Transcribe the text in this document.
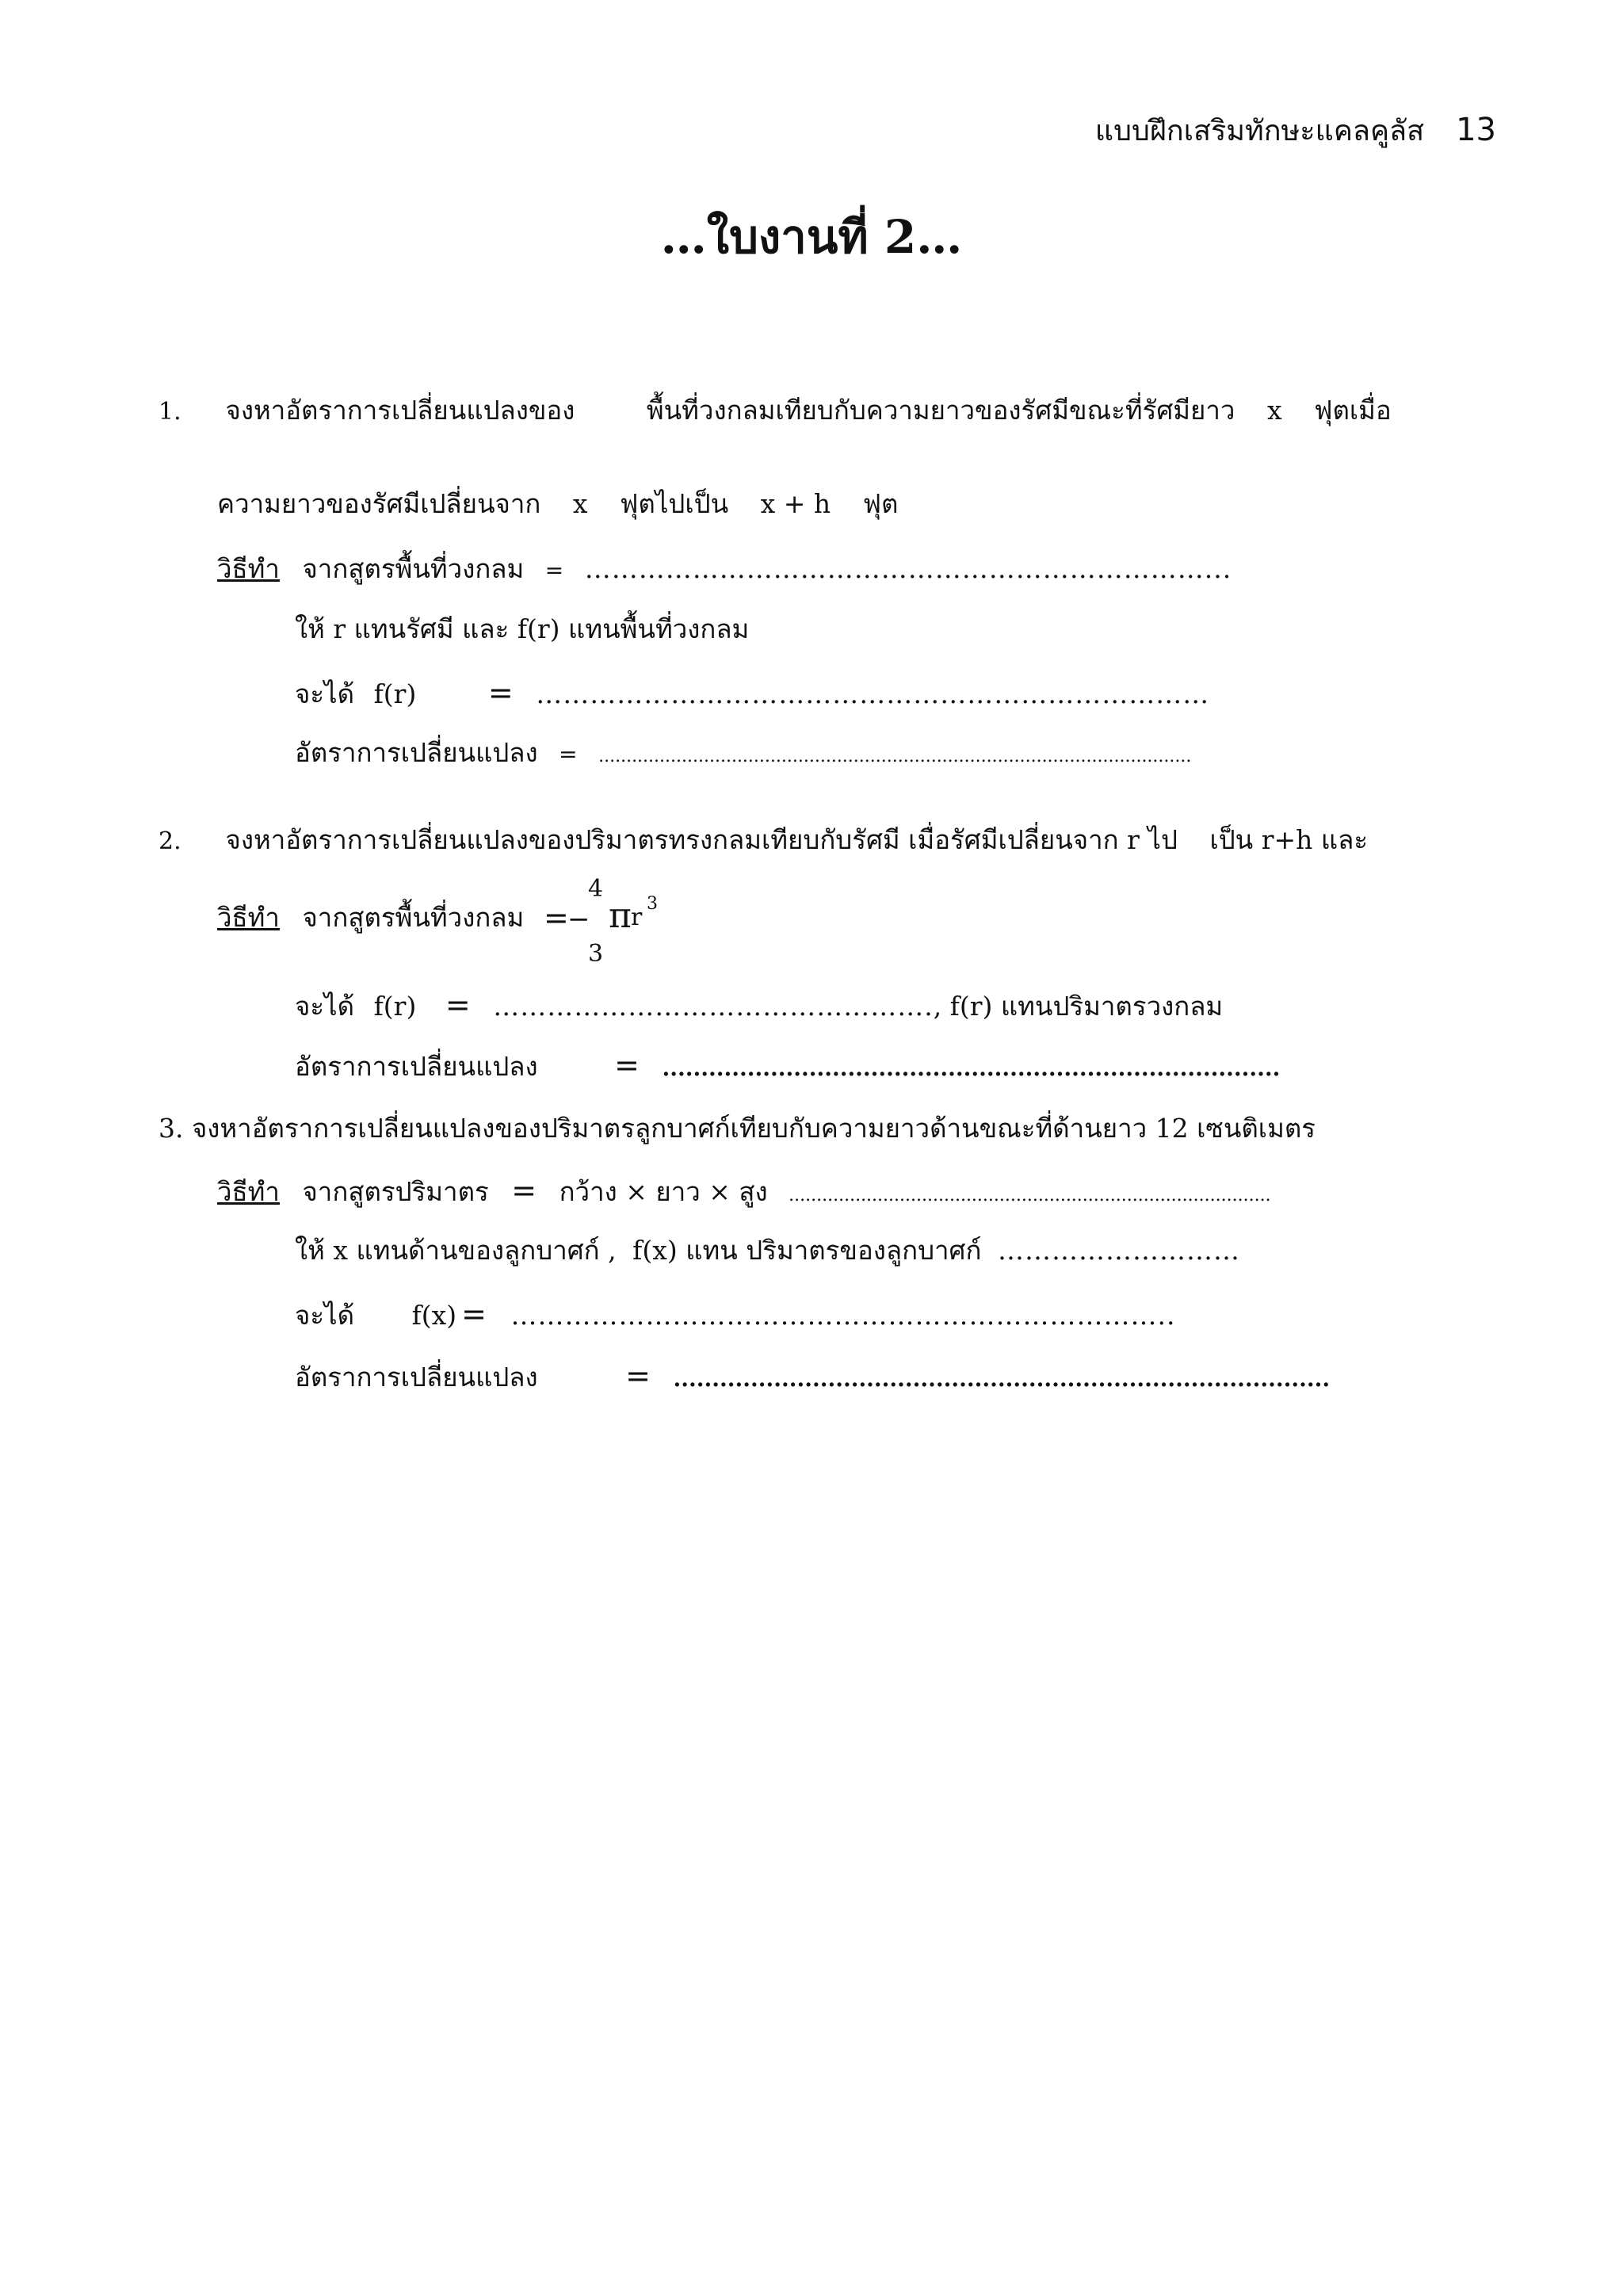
แบบฝึกเสริมทักษะแคลคูลัส 13
…ใบงานที่ 2…
1. จงหาอัตราการเปลี่ยนแปลงของ	พื้นที่วงกลมเทียบกับความยาวของรัศมีขณะที่รัศมียาว x ฟุตเมื่อ
ความยาวของรัศมีเปลี่ยนจาก x ฟุตไปเป็น x + h ฟุต
วิธีทำ จากสูตรพื้นที่วงกลม = ……………………………………………………………...
ให้ r แทนรัศมี และ f(r) แทนพื้นที่วงกลม
จะได้ f(r) = …………………………………………………………………
อัตราการเปลี่ยนแปลง = ...........................................................................................................
2. จงหาอัตราการเปลี่ยนแปลงของปริมาตรทรงกลมเทียบกับรัศมี เมื่อรัศมีเปลี่ยนจาก r ไป เป็น r+h และ
วิธีทำ จากสูตรพื้นที่วงกลม =
−
4
3
π r 3
จะได้ f(r) = …………………………………………., f(r) แทนปริมาตรวงกลม
อัตราการเปลี่ยนแปลง	= ................................................................................
3. จงหาอัตราการเปลี่ยนแปลงของปริมาตรลูกบาศก์เทียบกับความยาวด้านขณะที่ด้านยาว 12 เซนติเมตร
วิธีทำ จากสูตรปริมาตร = กว้าง × ยาว × สูง .......................................................................................
ให้ x แทนด้านของลูกบาศก์ , f(x) แทน ปริมาตรของลูกบาศก์ ………………………
จะได้ f(x) = ………………………………………………………………..
อัตราการเปลี่ยนแปลง	= .....................................................................................
